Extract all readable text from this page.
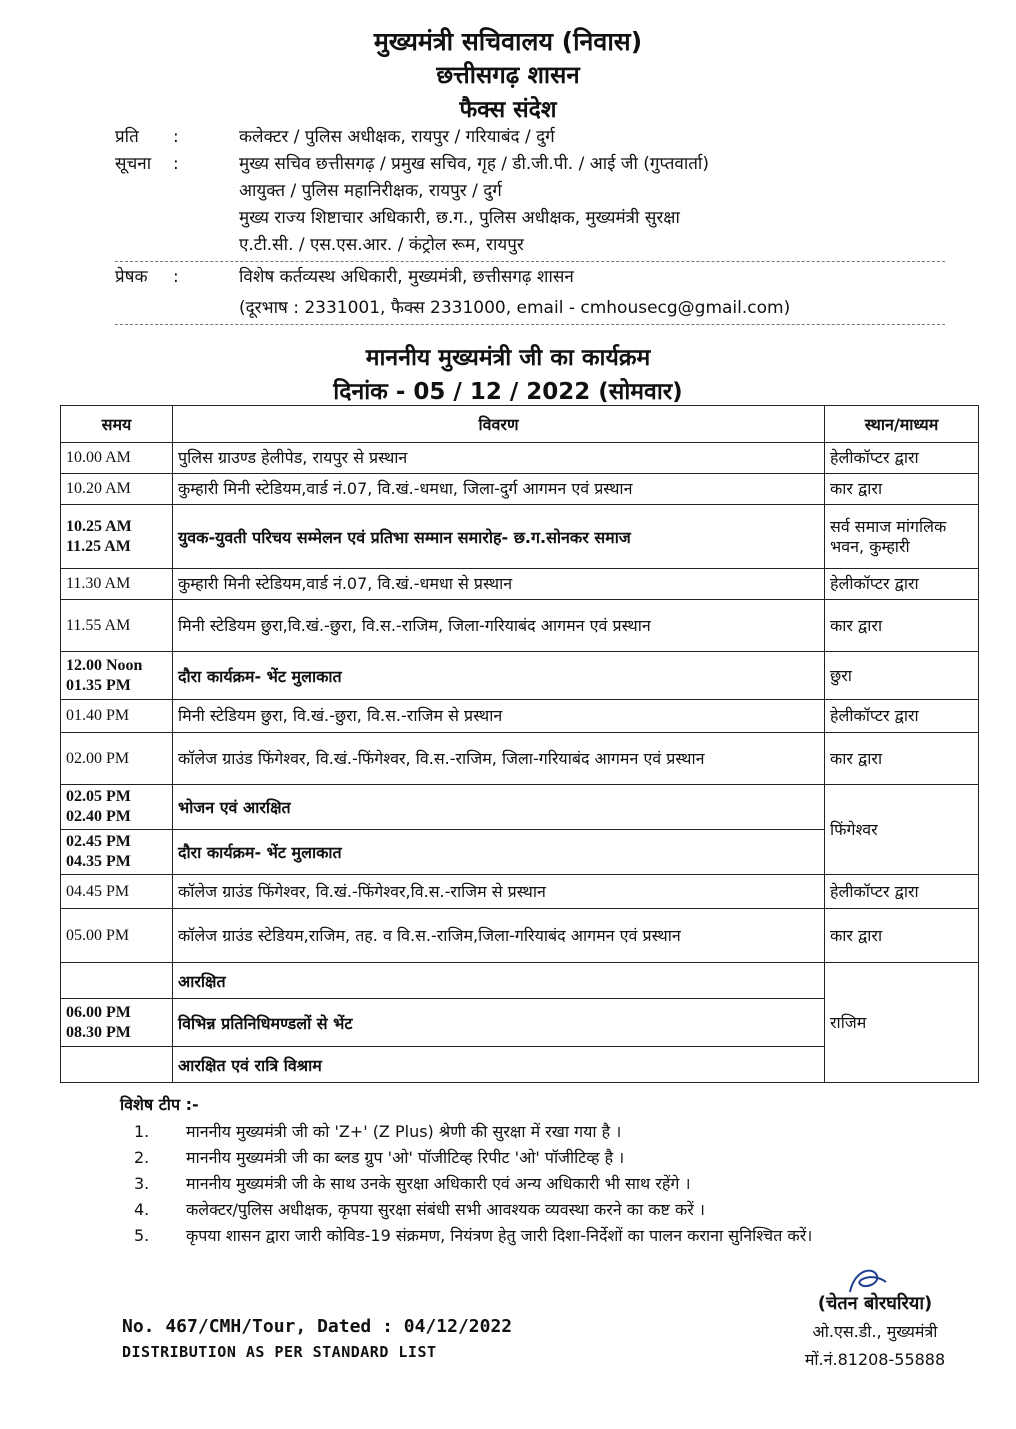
मुख्यमंत्री सचिवालय (निवास)
छत्तीसगढ़ शासन
फैक्स संदेश
प्रति	:	कलेक्टर / पुलिस अधीक्षक, रायपुर / गरियाबंद / दुर्ग
सूचना	:	मुख्य सचिव छत्तीसगढ़ / प्रमुख सचिव, गृह / डी.जी.पी. / आई जी (गुप्तवार्ता)
आयुक्त / पुलिस महानिरीक्षक, रायपुर / दुर्ग
मुख्य राज्य शिष्टाचार अधिकारी, छ.ग., पुलिस अधीक्षक, मुख्यमंत्री सुरक्षा
ए.टी.सी. / एस.एस.आर. / कंट्रोल रूम, रायपुर
प्रेषक	:	विशेष कर्तव्यस्थ अधिकारी, मुख्यमंत्री, छत्तीसगढ़ शासन
(दूरभाष : 2331001, फैक्स 2331000, email - cmhousecg@gmail.com)
माननीय मुख्यमंत्री जी का कार्यक्रम
दिनांक - 05 / 12 / 2022 (सोमवार)
समय	विवरण	स्थान/माध्यम
10.00 AM	पुलिस ग्राउण्ड हेलीपेड, रायपुर से प्रस्थान	हेलीकॉप्टर द्वारा
10.20 AM	कुम्हारी मिनी स्टेडियम,वार्ड नं.07, वि.खं.-धमधा, जिला-दुर्ग आगमन एवं प्रस्थान	कार द्वारा

10.25 AM
11.25 AM	युवक-युवती परिचय सम्मेलन एवं प्रतिभा सम्मान समारोह- छ.ग.सोनकर समाज	सर्व समाज मांगलिक भवन, कुम्हारी
11.30 AM	कुम्हारी मिनी स्टेडियम,वार्ड नं.07, वि.खं.-धमधा से प्रस्थान	हेलीकॉप्टर द्वारा
11.55 AM	मिनी स्टेडियम छुरा,वि.खं.-छुरा, वि.स.-राजिम, जिला-गरियाबंद आगमन एवं प्रस्थान	कार द्वारा

12.00 Noon
01.35 PM	दौरा कार्यक्रम- भेंट मुलाकात	छुरा
01.40 PM	मिनी स्टेडियम छुरा, वि.खं.-छुरा, वि.स.-राजिम से प्रस्थान	हेलीकॉप्टर द्वारा
02.00 PM	कॉलेज ग्राउंड फिंगेश्वर, वि.खं.-फिंगेश्वर, वि.स.-राजिम, जिला-गरियाबंद आगमन एवं प्रस्थान	कार द्वारा

02.05 PM
02.40 PM	भोजन एवं आरक्षित	फिंगेश्वर

02.45 PM
04.35 PM	दौरा कार्यक्रम- भेंट मुलाकात	
04.45 PM	कॉलेज ग्राउंड फिंगेश्वर, वि.खं.-फिंगेश्वर,वि.स.-राजिम से प्रस्थान	हेलीकॉप्टर द्वारा
05.00 PM	कॉलेज ग्राउंड स्टेडियम,राजिम, तह. व वि.स.-राजिम,जिला-गरियाबंद आगमन एवं प्रस्थान	कार द्वारा
	आरक्षित	राजिम

06.00 PM
08.30 PM	विभिन्न प्रतिनिधिमण्डलों से भेंट	
	आरक्षित एवं रात्रि विश्राम	
विशेष टीप :-
1.	माननीय मुख्यमंत्री जी को 'Z+' (Z Plus) श्रेणी की सुरक्षा में रखा गया है ।
2.	माननीय मुख्यमंत्री जी का ब्लड ग्रुप 'ओ' पॉजीटिव्ह रिपीट 'ओ' पॉजीटिव्ह है ।
3.	माननीय मुख्यमंत्री जी के साथ उनके सुरक्षा अधिकारी एवं अन्य अधिकारी भी साथ रहेंगे ।
4.	कलेक्टर/पुलिस अधीक्षक, कृपया सुरक्षा संबंधी सभी आवश्यक व्यवस्था करने का कष्ट करें ।
5.	कृपया शासन द्वारा जारी कोविड-19 संक्रमण, नियंत्रण हेतु जारी दिशा-निर्देशों का पालन कराना सुनिश्चित करें।
No. 467/CMH/Tour, Dated : 04/12/2022
DISTRIBUTION AS PER STANDARD LIST
(चेतन बोरघरिया)
ओ.एस.डी., मुख्यमंत्री
मों.नं.81208-55888
